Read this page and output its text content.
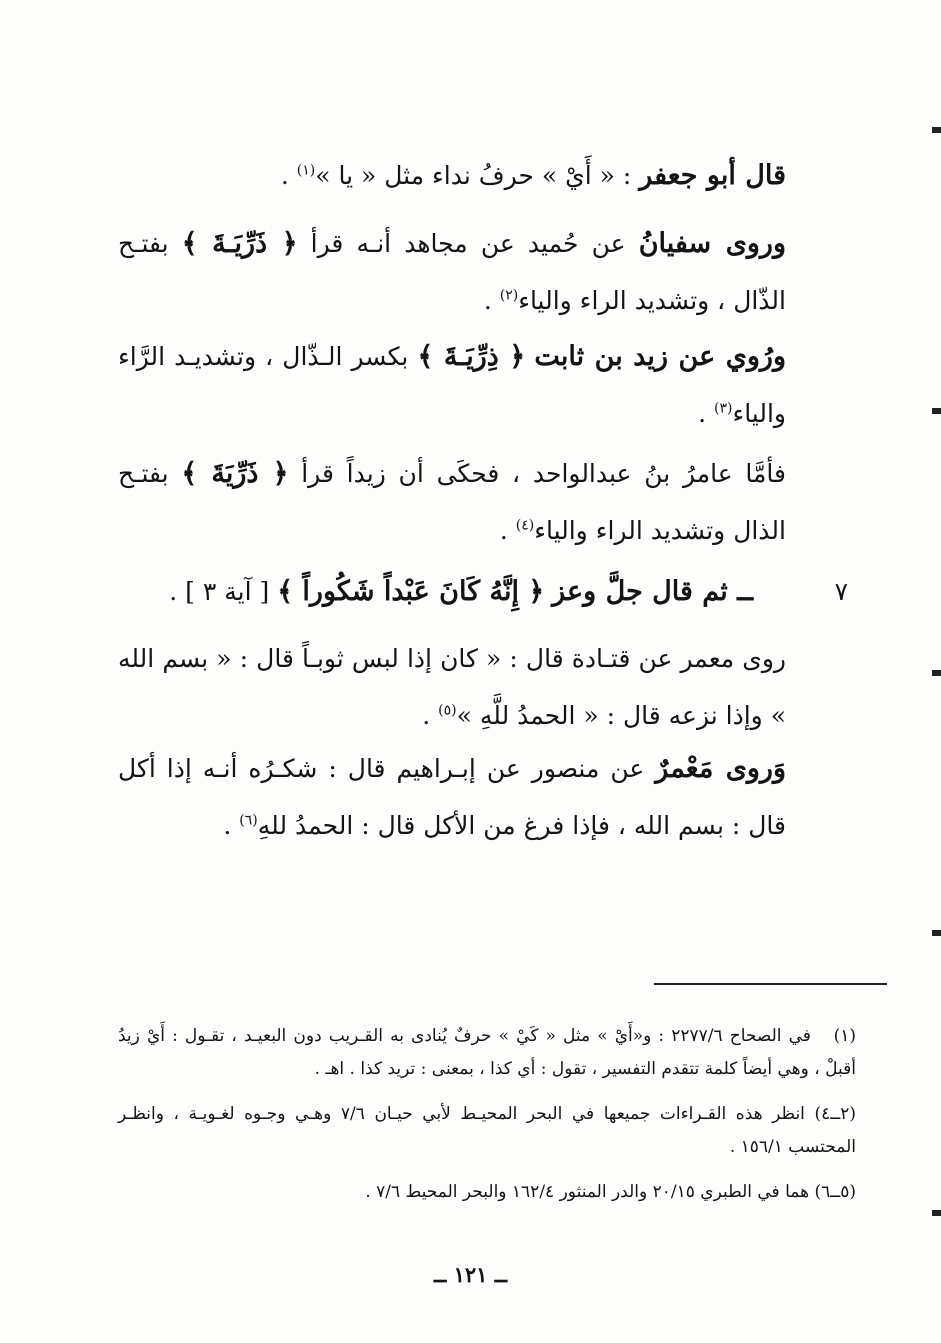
قال أبو جعفر : « أَيْ » حرفُ نداء مثل « يا »$^{(١)}$ .

وروى سفيانُ عن حُميد عن مجاهد أنـه قرأ ﴿ ذَرِّيَـةَ ﴾ بفتـح الذّال ، وتشديد الراء والياء$^{(٢)}$ .

ورُوي عن زيد بن ثابت ﴿ ذِرِّيَـةَ ﴾ بكسر الـذّال ، وتشديـد الرَّاء والياء$^{(٣)}$ .

فأمَّا عامرُ بنُ عبدالواحد ، فحكَى أن زيداً قرأ ﴿ ذَرِّيَةَ ﴾ بفتـح الذال وتشديد الراء والياء$^{(٤)}$ .

٧

ــ ثم قال جلَّ وعز ﴿ إِنَّهُ كَانَ عَبْداً شَكُوراً ﴾ [ آية ٣ ] .

روى معمر عن قتـادة قال : « كان إذا لبس ثوبـاً قال : « بسم الله » وإذا نزعه قال : « الحمدُ للَّهِ »$^{(٥)}$ .

وَروى مَعْمرٌ عن منصور عن إبـراهيم قال : شكـرُه أنـه إذا أكل قال : بسم الله ، فإذا فرغ من الأكل قال : الحمدُ للهِ$^{(٦)}$ .

(١) في الصحاح ٢٢٧٧/٦ : و«أَيْ » مثل « كَيْ » حرفٌ يُنادى به القـريب دون البعيـد ، تقـول : أَيْ زيدُ أقبلْ ، وهي أيضاً كلمة تتقدم التفسير ، تقول : أي كذا ، بمعنى : تريد كذا . اهـ .

(٢ــ٤) انظر هذه القـراءات جميعها في البحر المحيـط لأبي حيـان ٧/٦ وهـي وجـوه لغـويـة ، وانظـر المحتسب ١٥٦/١ .

(٥ــ٦) هما في الطبري ٢٠/١٥ والدر المنثور ١٦٢/٤ والبحر المحيط ٧/٦ .

ــ ١٢١ ــ
